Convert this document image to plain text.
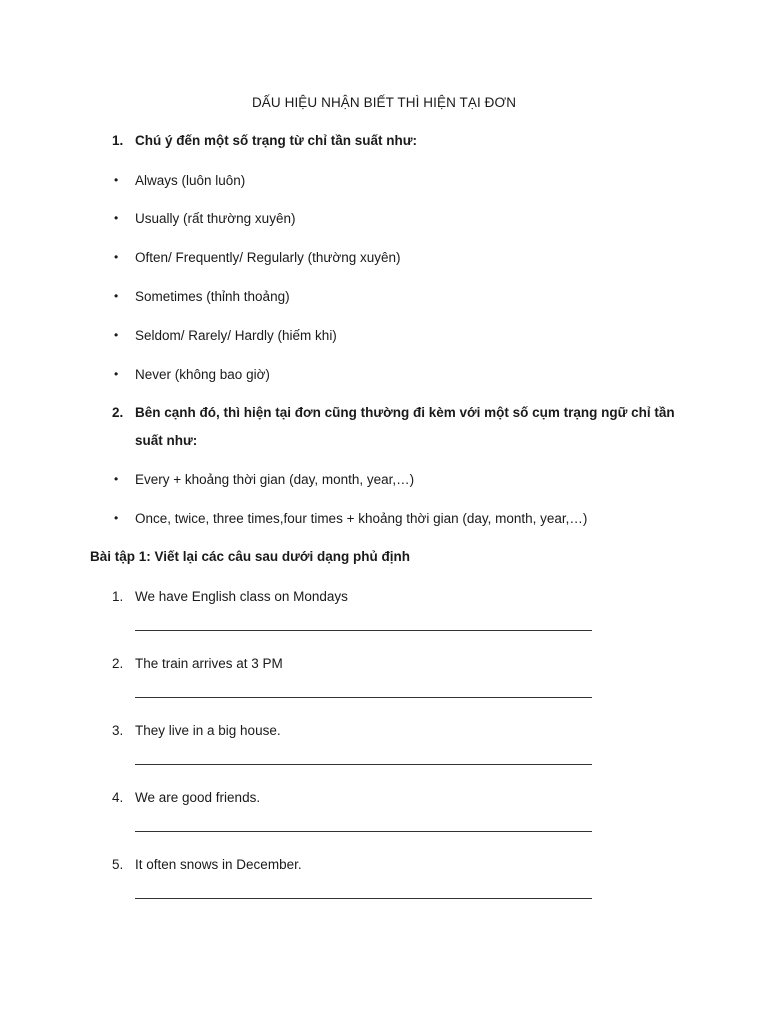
DẤU HIỆU NHẬN BIẾT THÌ HIỆN TẠI ĐƠN
1. Chú ý đến một số trạng từ chỉ tần suất như:
• Always (luôn luôn)
• Usually (rất thường xuyên)
• Often/ Frequently/ Regularly (thường xuyên)
• Sometimes (thỉnh thoảng)
• Seldom/ Rarely/ Hardly (hiếm khi)
• Never (không bao giờ)
2. Bên cạnh đó, thì hiện tại đơn cũng thường đi kèm với một số cụm trạng ngữ chỉ tần
suất như:
• Every + khoảng thời gian (day, month, year,…)
• Once, twice, three times,four times + khoảng thời gian (day, month, year,…)
Bài tập 1: Viết lại các câu sau dưới dạng phủ định
1. We have English class on Mondays
2. The train arrives at 3 PM
3. They live in a big house.
4. We are good friends.
5. It often snows in December.
